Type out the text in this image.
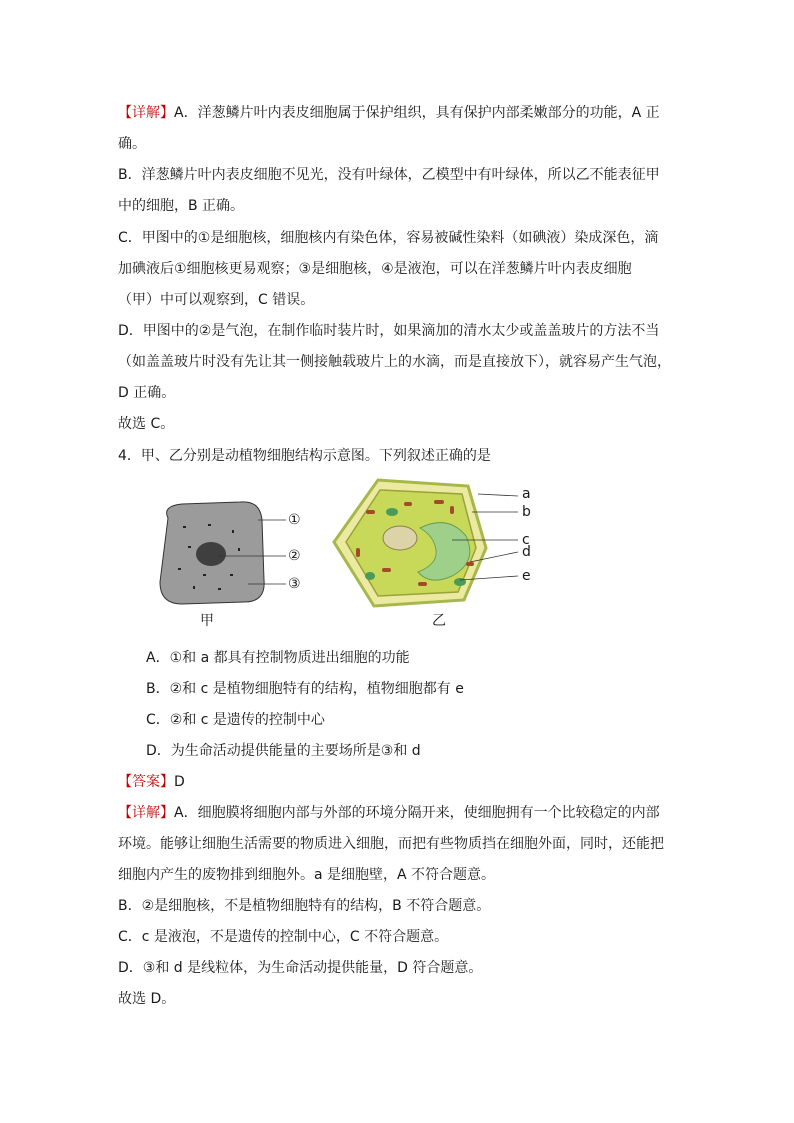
【详解】A．洋葱鳞片叶内表皮细胞属于保护组织，具有保护内部柔嫩部分的功能，A 正
确。
B．洋葱鳞片叶内表皮细胞不见光，没有叶绿体，乙模型中有叶绿体，所以乙不能表征甲
中的细胞，B 正确。
C．甲图中的①是细胞核，细胞核内有染色体，容易被碱性染料（如碘液）染成深色，滴
加碘液后①细胞核更易观察；③是细胞核，④是液泡，可以在洋葱鳞片叶内表皮细胞
（甲）中可以观察到，C 错误。
D．甲图中的②是气泡，在制作临时装片时，如果滴加的清水太少或盖盖玻片的方法不当
（如盖盖玻片时没有先让其一侧接触载玻片上的水滴，而是直接放下），就容易产生气泡，
D 正确。
故选 C。
4．甲、乙分别是动植物细胞结构示意图。下列叙述正确的是
①
②
③
a
b
c
d
e
甲	乙
A．①和 a 都具有控制物质进出细胞的功能
B．②和 c 是植物细胞特有的结构，植物细胞都有 e
C．②和 c 是遗传的控制中心
D．为生命活动提供能量的主要场所是③和 d
【答案】D
【详解】A．细胞膜将细胞内部与外部的环境分隔开来，使细胞拥有一个比较稳定的内部
环境。能够让细胞生活需要的物质进入细胞，而把有些物质挡在细胞外面，同时，还能把
细胞内产生的废物排到细胞外。a 是细胞壁，A 不符合题意。
B．②是细胞核，不是植物细胞特有的结构，B 不符合题意。
C．c 是液泡，不是遗传的控制中心，C 不符合题意。
D．③和 d 是线粒体，为生命活动提供能量，D 符合题意。
故选 D。
